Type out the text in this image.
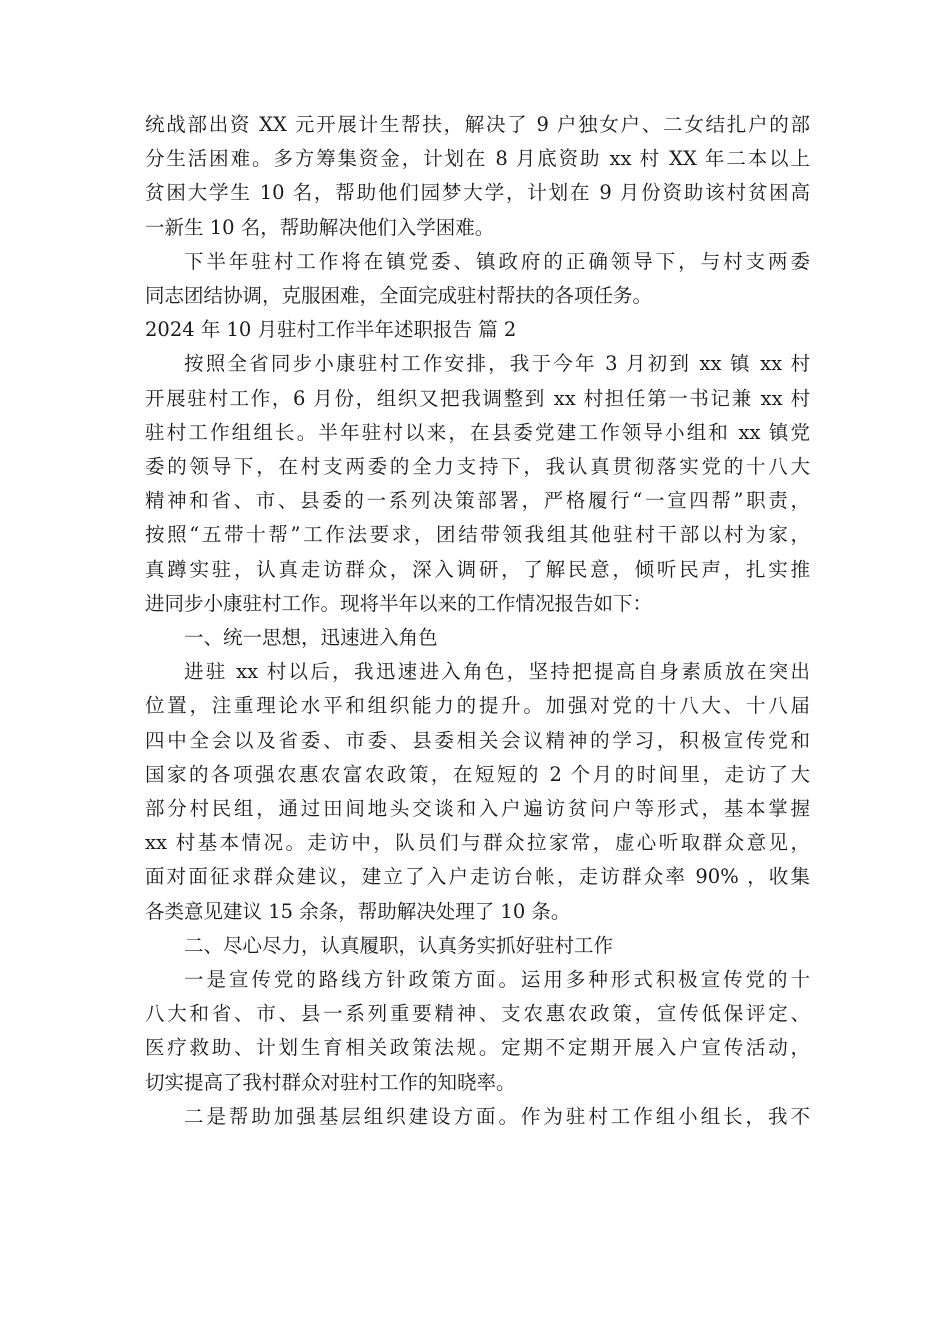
统战部出资 XX 元开展计生帮扶，解决了 9 户独女户、二女结扎户的部
分生活困难。多方筹集资金，计划在 8 月底资助 xx 村 XX 年二本以上
贫困大学生 10 名，帮助他们园梦大学，计划在 9 月份资助该村贫困高
一新生 10 名，帮助解决他们入学困难。
下半年驻村工作将在镇党委、镇政府的正确领导下，与村支两委
同志团结协调，克服困难，全面完成驻村帮扶的各项任务。
2024 年 10 月驻村工作半年述职报告 篇 2
按照全省同步小康驻村工作安排，我于今年 3 月初到 xx 镇 xx 村
开展驻村工作，6 月份，组织又把我调整到 xx 村担任第一书记兼 xx 村
驻村工作组组长。半年驻村以来，在县委党建工作领导小组和 xx 镇党
委的领导下，在村支两委的全力支持下，我认真贯彻落实党的十八大
精神和省、市、县委的一系列决策部署，严格履行“一宣四帮”职责，
按照“五带十帮”工作法要求，团结带领我组其他驻村干部以村为家，
真蹲实驻，认真走访群众，深入调研，了解民意，倾听民声，扎实推
进同步小康驻村工作。现将半年以来的工作情况报告如下：
一、统一思想，迅速进入角色
进驻 xx 村以后，我迅速进入角色，坚持把提高自身素质放在突出
位置，注重理论水平和组织能力的提升。加强对党的十八大、十八届
四中全会以及省委、市委、县委相关会议精神的学习，积极宣传党和
国家的各项强农惠农富农政策，在短短的 2 个月的时间里，走访了大
部分村民组，通过田间地头交谈和入户遍访贫问户等形式，基本掌握
xx 村基本情况。走访中，队员们与群众拉家常，虚心听取群众意见，
面对面征求群众建议，建立了入户走访台帐，走访群众率 90% ，收集
各类意见建议 15 余条，帮助解决处理了 10 条。
二、尽心尽力，认真履职，认真务实抓好驻村工作
一是宣传党的路线方针政策方面。运用多种形式积极宣传党的十
八大和省、市、县一系列重要精神、支农惠农政策，宣传低保评定、
医疗救助、计划生育相关政策法规。定期不定期开展入户宣传活动，
切实提高了我村群众对驻村工作的知晓率。
二是帮助加强基层组织建设方面。作为驻村工作组小组长，我不
